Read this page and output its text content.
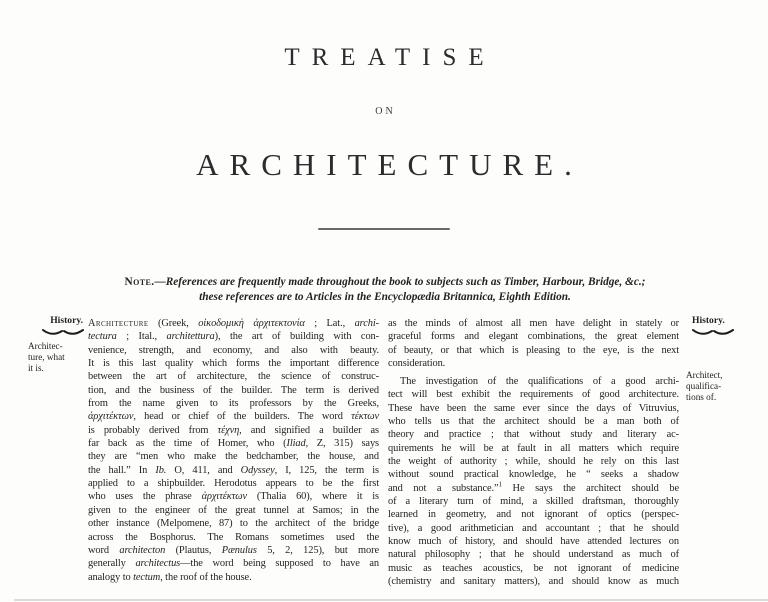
TREATISE
ON
ARCHITECTURE.
Note.—References are frequently made throughout the book to subjects such as Timber, Harbour, Bridge, &c.;
these references are to Articles in the Encyclopædia Britannica, Eighth Edition.
History.
Architec-
ture, what
it is.
Architecture (Greek, οἰκοδομικὴ ἀρχιτεκτονία ; Lat., archi-
tectura ; Ital., architettura), the art of building with con-
venience, strength, and economy, and also with beauty.
It is this last quality which forms the important difference
between the art of architecture, the science of construc-
tion, and the business of the builder. The term is derived
from the name given to its professors by the Greeks,
ἀρχιτέκτων, head or chief of the builders. The word τέκτων
is probably derived from τέχνη, and signified a builder as
far back as the time of Homer, who (Iliad, Z, 315) says
they are “men who make the bedchamber, the house, and
the hall.” In Ib. O, 411, and Odyssey, I, 125, the term is
applied to a shipbuilder. Herodotus appears to be the first
who uses the phrase ἀρχιτέκτων (Thalia 60), where it is
given to the engineer of the great tunnel at Samos; in the
other instance (Melpomene, 87) to the architect of the bridge
across the Bosphorus. The Romans sometimes used the
word architecton (Plautus, Pænulus 5, 2, 125), but more
generally architectus—the word being supposed to have an
analogy to tectum, the roof of the house.
as the minds of almost all men have delight in stately or
graceful forms and elegant combinations, the great element
of beauty, or that which is pleasing to the eye, is the next
consideration.
The investigation of the qualifications of a good archi-
tect will best exhibit the requirements of good architecture.
These have been the same ever since the days of Vitruvius,
who tells us that the architect should be a man both of
theory and practice ; that without study and literary ac-
quirements he will be at fault in all matters which require
the weight of authority ; while, should he rely on this last
without sound practical knowledge, he “ seeks a shadow
and not a substance.”$^1$ He says the architect should be
of a literary turn of mind, a skilled draftsman, thoroughly
learned in geometry, and not ignorant of optics (perspec-
tive), a good arithmetician and accountant ; that he should
know much of history, and should have attended lectures on
natural philosophy ; that he should understand as much of
music as teaches acoustics, be not ignorant of medicine
(chemistry and sanitary matters), and should know as much
History.
Architect,
qualifica-
tions of.
